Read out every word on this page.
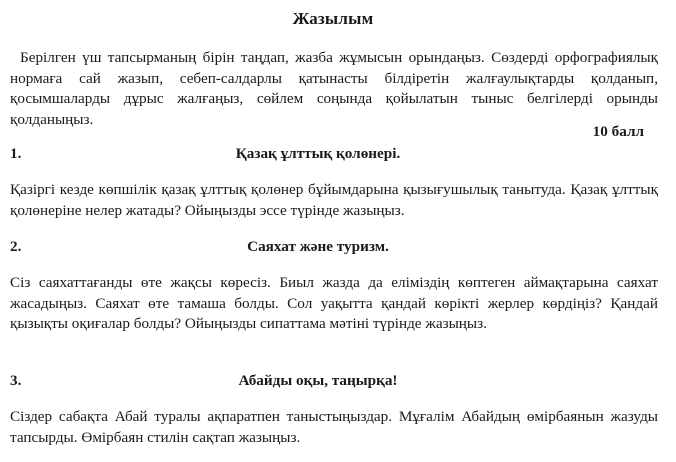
Жазылым

Берілген үш тапсырманың бірін таңдап, жазба жұмысын орындаңыз. Сөздерді орфографиялық нормаға сай жазып, себеп-салдарлы қатынасты білдіретін жалғаулықтарды қолданып, қосымшаларды дұрыс жалғаңыз, сөйлем соңында қойылатын тыныс белгілерді орынды қолданыңыз.

10 балл
1.	Қазақ ұлттық қолөнері.

Қазіргі кезде көпшілік қазақ ұлттық қолөнер бұйымдарына қызығушылық танытуда. Қазақ ұлттық қолөнеріне нелер жатады? Ойыңызды эссе түрінде жазыңыз.

2.	Саяхат және туризм.

Сіз саяхаттағанды өте жақсы көресіз. Биыл жазда да еліміздің көптеген аймақтарына саяхат жасадыңыз. Саяхат өте тамаша болды. Сол уақытта қандай көрікті жерлер көрдіңіз? Қандай қызықты оқиғалар болды? Ойыңызды сипаттама мәтіні түрінде жазыңыз.

3.	Абайды оқы, таңырқа!

Сіздер сабақта Абай туралы ақпаратпен таныстыңыздар. Мұғалім Абайдың өмірбаянын жазуды тапсырды. Өмірбаян стилін сақтап жазыңыз.
